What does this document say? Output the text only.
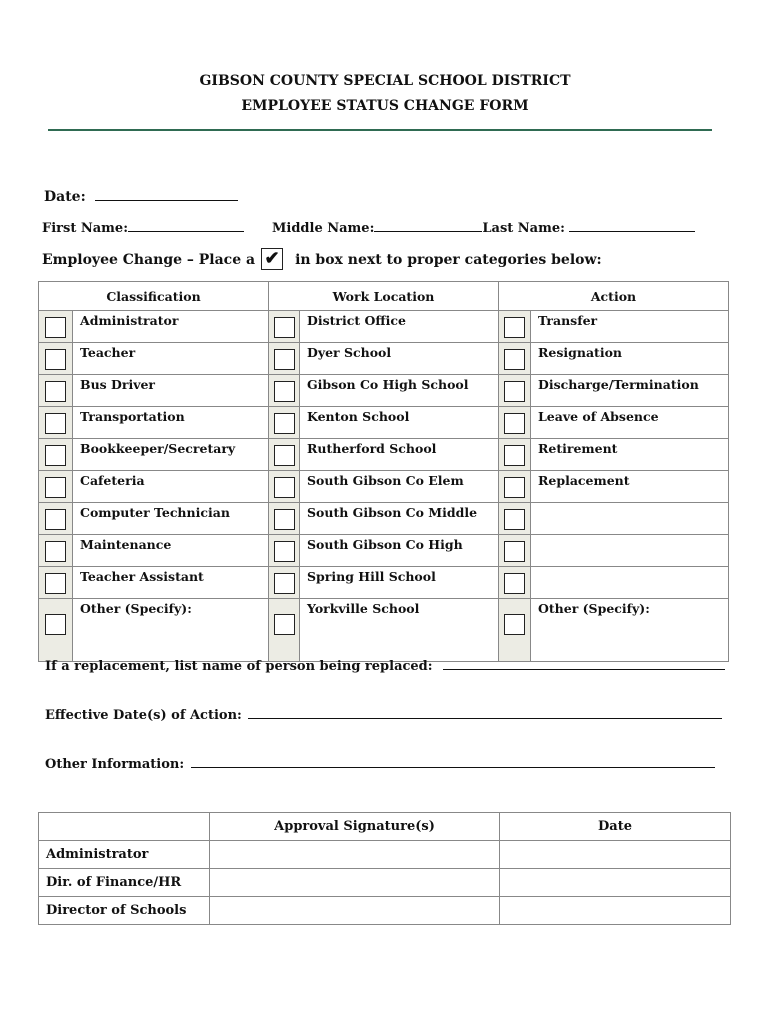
GIBSON COUNTY SPECIAL SCHOOL DISTRICT
EMPLOYEE STATUS CHANGE FORM
Date:
First Name:	Middle Name:	Last Name:
Employee Change – Place a ✔ in box next to proper categories below:
Classification		Work Location		Action	
	Administrator		District Office		Transfer
	Teacher		Dyer School		Resignation
	Bus Driver		Gibson Co High School		Discharge/Termination
	Transportation		Kenton School		Leave of Absence
	Bookkeeper/Secretary		Rutherford School		Retirement
	Cafeteria		South Gibson Co Elem		Replacement
	Computer Technician		South Gibson Co Middle		
	Maintenance		South Gibson Co High		
	Teacher Assistant		Spring Hill School		
	Other (Specify):		Yorkville School		Other (Specify):
If a replacement, list name of person being replaced:
Effective Date(s) of Action:
Other Information:
	Approval Signature(s)	Date
Administrator		
Dir. of Finance/HR		
Director of Schools		
